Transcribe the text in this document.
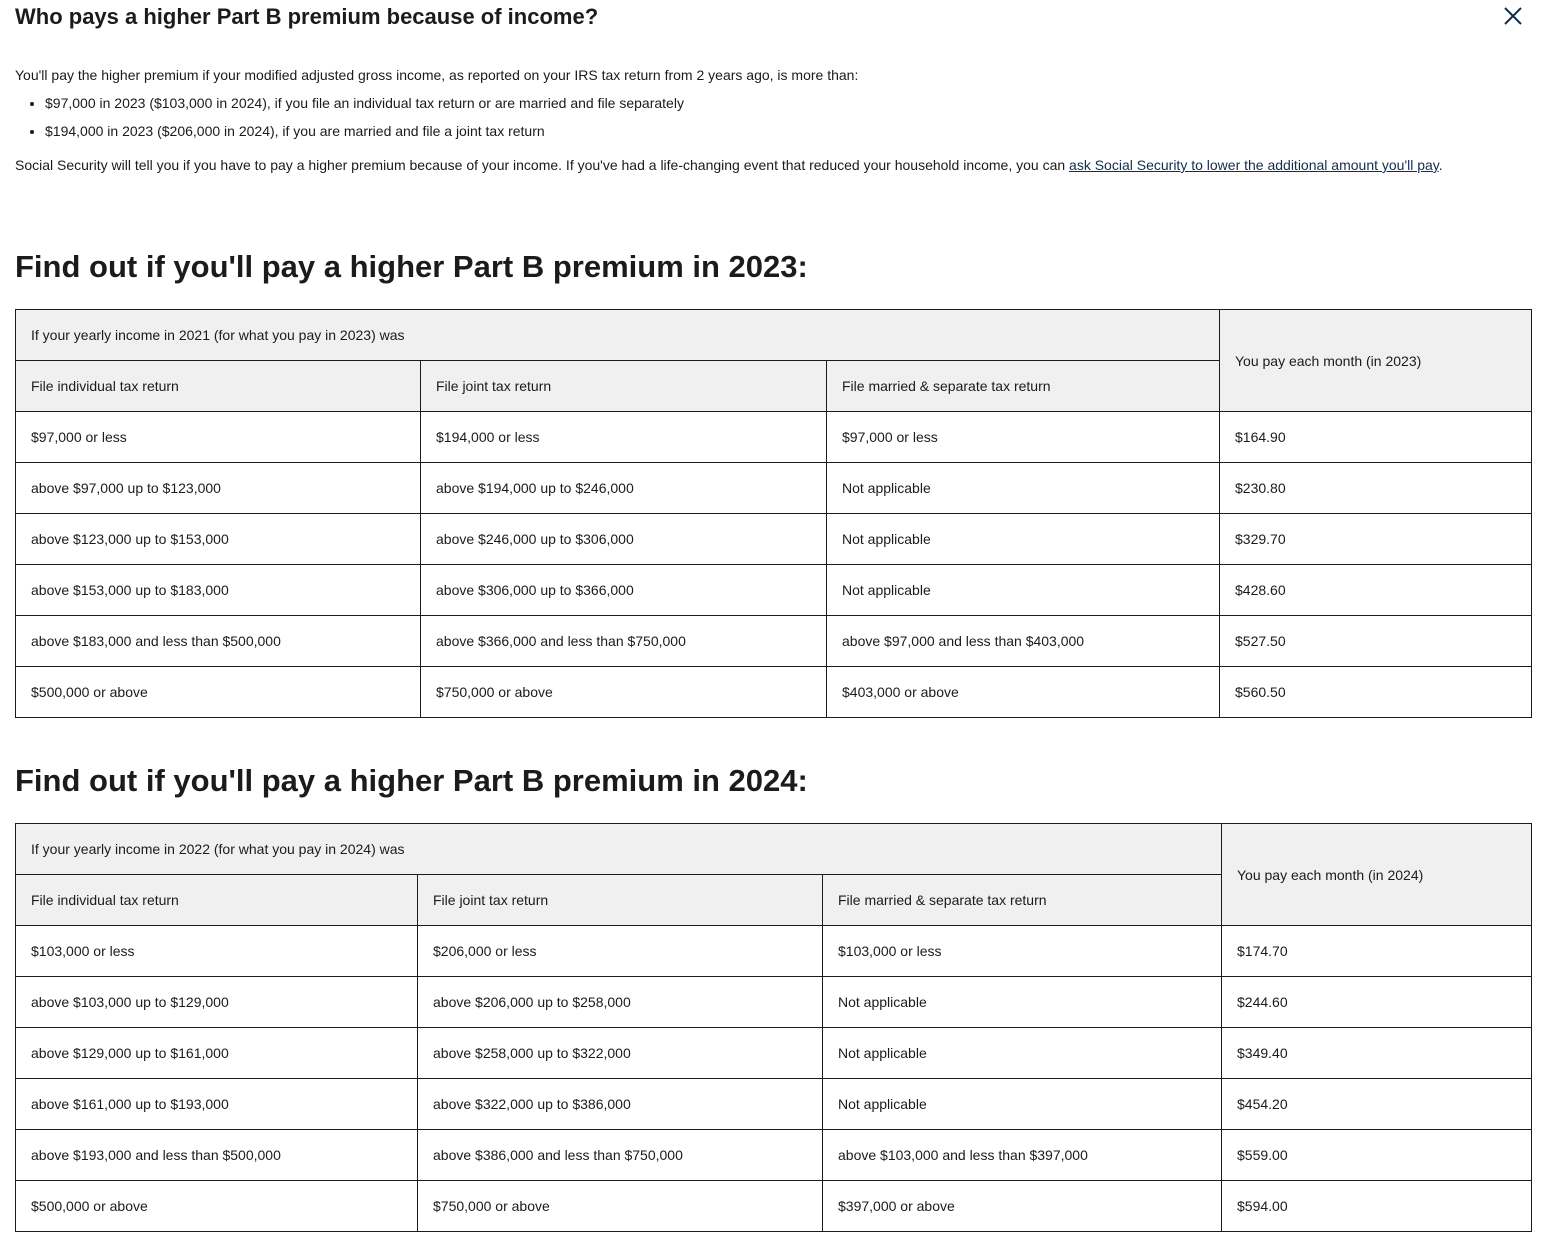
Who pays a higher Part B premium because of income?

You'll pay the higher premium if your modified adjusted gross income, as reported on your IRS tax return from 2 years ago, is more than:

• $97,000 in 2023 ($103,000 in 2024), if you file an individual tax return or are married and file separately
• $194,000 in 2023 ($206,000 in 2024), if you are married and file a joint tax return

Social Security will tell you if you have to pay a higher premium because of your income. If you've had a life-changing event that reduced your household income, you can ask Social Security to lower the additional amount you'll pay.

Find out if you'll pay a higher Part B premium in 2023:
If your yearly income in 2021 (for what you pay in 2023) was			You pay each month (in 2023)
File individual tax return	File joint tax return	File married & separate tax return	
$97,000 or less	$194,000 or less	$97,000 or less	$164.90
above $97,000 up to $123,000	above $194,000 up to $246,000	Not applicable	$230.80
above $123,000 up to $153,000	above $246,000 up to $306,000	Not applicable	$329.70
above $153,000 up to $183,000	above $306,000 up to $366,000	Not applicable	$428.60
above $183,000 and less than $500,000	above $366,000 and less than $750,000	above $97,000 and less than $403,000	$527.50
$500,000 or above	$750,000 or above	$403,000 or above	$560.50
Find out if you'll pay a higher Part B premium in 2024:
If your yearly income in 2022 (for what you pay in 2024) was			You pay each month (in 2024)
File individual tax return	File joint tax return	File married & separate tax return	
$103,000 or less	$206,000 or less	$103,000 or less	$174.70
above $103,000 up to $129,000	above $206,000 up to $258,000	Not applicable	$244.60
above $129,000 up to $161,000	above $258,000 up to $322,000	Not applicable	$349.40
above $161,000 up to $193,000	above $322,000 up to $386,000	Not applicable	$454.20
above $193,000 and less than $500,000	above $386,000 and less than $750,000	above $103,000 and less than $397,000	$559.00
$500,000 or above	$750,000 or above	$397,000 or above	$594.00
